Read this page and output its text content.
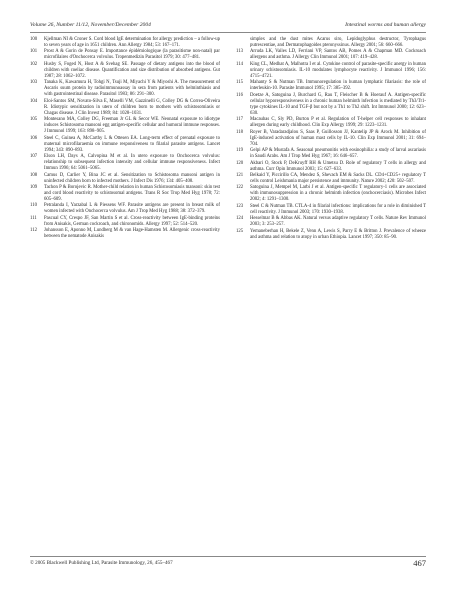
Volume 26, Number 11/12, November/December 2004	Intestinal worms and human allergy
100 Kjellman NI & Croner S. Cord blood IgE determination for allergy prediction – a follow-up to seven years of age in 1651 children. Ann Allergy 1984; 53: 167–171.
101 Prost A & Gorin de Ponsay E. Importance épidémiologique (la parasitisme non-natal) par microfilaires d'Onchocerca volvulus. Tropenmedizin Parasitol 1979; 30: 477–481.
102 Husby S, Foged N, Host A & Svehag SE. Passage of dietary antigens into the blood of children with coeliac disease. Quantification and size distribution of absorbed antigens. Gut 1987; 28: 1062–1072.
103 Tanaka K, Kawamura H, Tohgi N, Tsuji M, Miyachi Y & Miyoshi A. The measurement of Ascaris suum protein by radioimmunoassay in sera from patients with helminthiasis and with gastrointestinal disease. Parasitol 1983; 86: 291–300.
104 Eloi-Santos SM, Novato-Silva E, Maselli VM, Gazzinelli G, Colley DG & Correa-Oliveira R. Idiotypic sensitization in utero of children born to mothers with schistosomiasis or Chagas disease. J Clin Invest 1989; 84: 1028–1031.
105 Montesano MA, Colley DG, Freeman Jr GL & Secor WE. Neonatal exposure to idiotype induces Schistosoma mansoni egg antigen-specific cellular and humoral immune responses. J Immunol 1999; 163: 898–905.
106 Steel C, Guinea A, McCarthy L & Ottesen EA. Long-term effect of prenatal exposure to maternal microfilaraemia on immune responsiveness to filarial parasite antigens. Lancet 1994; 343: 890–893.
107 Elson LH, Days A, Calvopina M et al. In utero exposure to Onchocerca volvulus: relationship to subsequent infection intensity and cellular immune responsiveness. Infect Immun 1996; 64: 5061–5065.
108 Camus D, Carlier Y, Bina JC et al. Sensitization to Schistosoma mansoni antigen in uninfected children born to infected mothers. J Infect Dis 1976; 134: 405–408.
109 Tachon P & Borojevic R. Mother-child relation in human Schistosomiasis mansoni: skin test and cord blood reactivity to schistosomal antigens. Trans R Soc Trop Med Hyg 1978; 72: 605–609.
110 Petralanda I, Yarzabal L & Piessens WF. Parasite antigens are present in breast milk of women infected with Onchocerca volvulus. Am J Trop Med Hyg 1988; 38: 372–379.
111 Pascual CY, Crespo JF, San Martin S et al. Cross-reactivity between IgE-binding proteins from Anisakis, German cockroach, and chironomids. Allergy 1997; 52: 514–520.
112 Johansson E, Aponno M, Lundberg M & van Hage-Hamsten M. Allergenic cross-reactivity between the nematode Anisakis
simplex and the dust mites Acarus siro, Lepidoglyphus destructor, Tyrophagus putrescentiae, and Dermatophagoides pteronyssinus. Allergy 2001; 56: 660–666.
113 Arruda LK, Vailes LD, Ferriani VP, Santos AB, Pomes A & Chapman MD. Cockroach allergens and asthma. J Allergy Clin Immunol 2001; 107: 419–428.
114 King CL, Medhat A, Malhotra I et al. Cytokine control of parasite-specific anergy in human urinary schistosomiasis. IL-10 modulates lymphocyte reactivity. J Immunol 1996; 156: 4715–4721.
115 Mahanty S & Nutman TB. Immunoregulation in human lymphatic filariasis: the role of interleukin-10. Parasite Immunol 1995; 17: 385–392.
116 Doetze A, Satoguina J, Burchard G, Rau T, Fleischer B & Hoerauf A. Antigen-specific cellular hyporesponsiveness in a chronic human helminth infection is mediated by Th3/Tr1-type cytokines IL-10 and TGF-β but not by a Th1 to Th2 shift. Int Immunol 2000; 12: 623–630.
117 Macaubas C, Sly PD, Burton P et al. Regulation of T-helper cell responses to inhalant allergen during early childhood. Clin Exp Allergy 1999; 29: 1223–1231.
118 Royer B, Varadaradjalou S, Saas P, Guillosson JJ, Kantelip JP & Arock M. Inhibition of IgE-induced activation of human mast cells by IL-10. Clin Exp Immunol 2001; 31: 694–704.
119 Gelpi AP & Mustafa A. Seasonal pneumonitis with eosinophilia: a study of larval ascariasis in Saudi Arabs. Am J Trop Med Hyg 1967; 16: 646–657.
120 Akbari O, Stock P, DeKruyff RH & Umetsu D. Role of regulatory T cells in allergy and asthma. Curr Opin Immunol 2003; 15: 627–633.
121 Belkaid Y, Piccirillo CA, Mendez S, Shevach EM & Sacks DL. CD4+CD25+ regulatory T cells control Leishmania major persistence and immunity. Nature 2002; 420: 502–507.
122 Satoguina J, Mempel M, Larbi J et al. Antigen-specific T regulatory-1 cells are associated with immunosuppression in a chronic helminth infection (onchocerciasis). Microbes Infect 2002; 4: 1291–1300.
123 Steel C & Nutman TB. CTLA-4 in filarial infections: implications for a role in diminished T cell reactivity. J Immunol 2003; 170: 1930–1938.
124 Hesselmar B & Abbas AK. Natural versus adaptive regulatory T cells. Nature Rev Immunol 2003; 3: 253–257.
125 Yemaneberhan H, Bekele Z, Venn A, Lewis S, Parry E & Britton J. Prevalence of wheeze and asthma and relation to atopy in urban Ethiopia. Lancet 1997; 350: 85–90.
© 2005 Blackwell Publishing Ltd, Parasite Immunology, 26, 455–467	467
